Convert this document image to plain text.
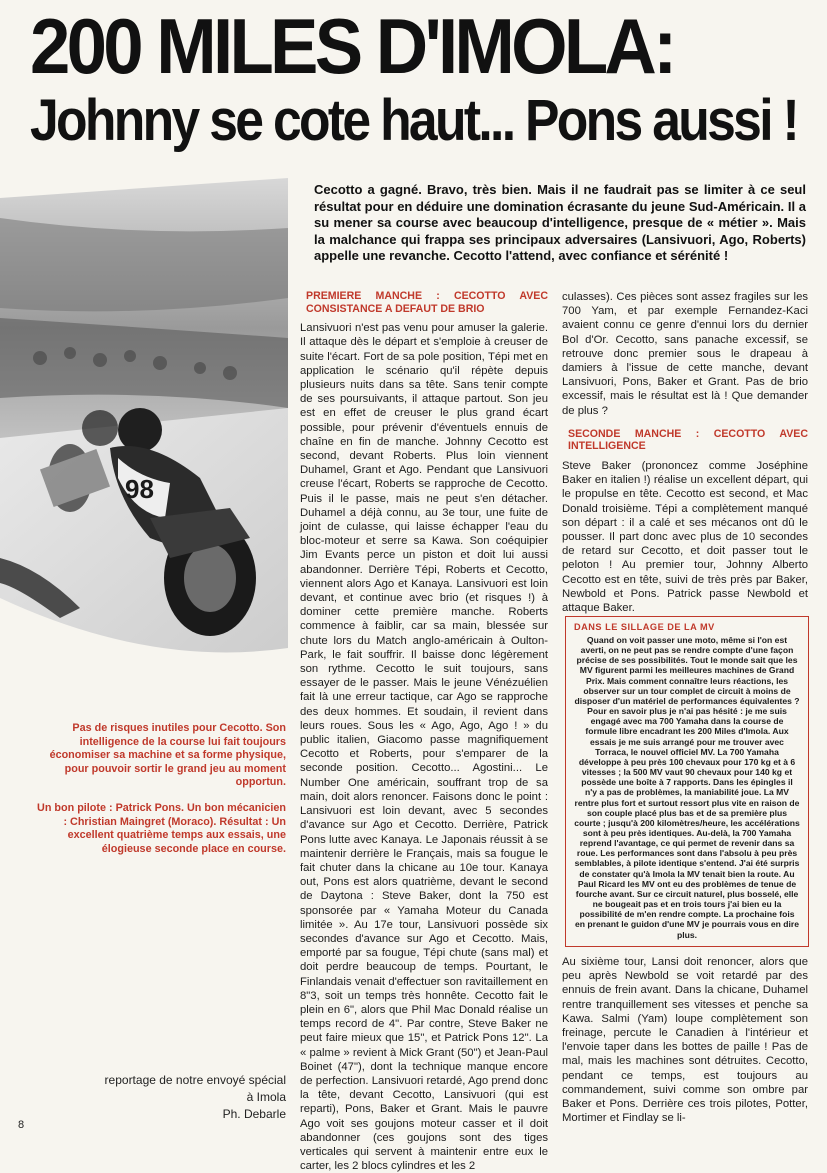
200 MILES D'IMOLA:
Johnny se cote haut... Pons aussi !
98

Pas de risques inutiles pour Cecotto. Son intelligence de la course lui fait toujours économiser sa machine et sa forme physique, pour pouvoir sortir le grand jeu au moment opportun.

Un bon pilote : Patrick Pons. Un bon mécanicien : Christian Maingret (Moraco). Résultat : Un excellent quatrième temps aux essais, une élogieuse seconde place en course.

reportage de notre envoyé spécial
à Imola
Ph. Debarle
8
Cecotto a gagné. Bravo, très bien. Mais il ne faudrait pas se limiter à ce seul résultat pour en déduire une domination écrasante du jeune Sud-Américain. Il a su mener sa course avec beaucoup d'intelligence, presque de « métier ». Mais la malchance qui frappa ses principaux adversaires (Lansivuori, Ago, Roberts) appelle une revanche. Cecotto l'attend, avec confiance et sérénité !
PREMIERE MANCHE : CECOTTO AVEC CONSISTANCE A DEFAUT DE BRIO

Lansivuori n'est pas venu pour amuser la galerie. Il attaque dès le départ et s'emploie à creuser de suite l'écart. Fort de sa pole position, Tépi met en application le scénario qu'il répète depuis plusieurs nuits dans sa tête. Sans tenir compte de ses poursuivants, il attaque partout. Son jeu est en effet de creuser le plus grand écart possible, pour prévenir d'éventuels ennuis de chaîne en fin de manche. Johnny Cecotto est second, devant Roberts. Plus loin viennent Duhamel, Grant et Ago. Pendant que Lansivuori creuse l'écart, Roberts se rapproche de Cecotto. Puis il le passe, mais ne peut s'en détacher. Duhamel a déjà connu, au 3e tour, une fuite de joint de culasse, qui laisse échapper l'eau du bloc-moteur et serre sa Kawa. Son coéquipier Jim Evants perce un piston et doit lui aussi abandonner. Derrière Tépi, Roberts et Cecotto, viennent alors Ago et Kanaya. Lansivuori est loin devant, et continue avec brio (et risques !) à dominer cette première manche. Roberts commence à faiblir, car sa main, blessée sur chute lors du Match anglo-américain à Oulton-Park, le fait souffrir. Il baisse donc légèrement son rythme. Cecotto le suit toujours, sans essayer de le passer. Mais le jeune Vénézuélien fait là une erreur tactique, car Ago se rapproche des deux hommes. Et soudain, il revient dans leurs roues. Sous les « Ago, Ago, Ago ! » du public italien, Giacomo passe magnifiquement Cecotto et Roberts, pour s'emparer de la seconde position. Cecotto... Agostini... Le Number One américain, souffrant trop de sa main, doit alors renoncer. Faisons donc le point : Lansivuori est loin devant, avec 5 secondes d'avance sur Ago et Cecotto. Derrière, Patrick Pons lutte avec Kanaya. Le Japonais réussit à se maintenir derrière le Français, mais sa fougue le fait chuter dans la chicane au 10e tour. Kanaya out, Pons est alors quatrième, devant le second de Daytona : Steve Baker, dont la 750 est sponsorée par « Yamaha Moteur du Canada limitée ». Au 17e tour, Lansivuori possède six secondes d'avance sur Ago et Cecotto. Mais, emporté par sa fougue, Tépi chute (sans mal) et doit perdre beaucoup de temps. Pourtant, le Finlandais venait d'effectuer son ravitaillement en 8"3, soit un temps très honnête. Cecotto fait le plein en 6", alors que Phil Mac Donald réalise un temps record de 4". Par contre, Steve Baker ne peut faire mieux que 15", et Patrick Pons 12". La « palme » revient à Mick Grant (50") et Jean-Paul Boinet (47"), dont la technique manque encore de perfection. Lansivuori retardé, Ago prend donc la tête, devant Cecotto, Lansivuori (qui est reparti), Pons, Baker et Grant. Mais le pauvre Ago voit ses goujons moteur casser et il doit abandonner (ces goujons sont des tiges verticales qui servent à maintenir entre eux le carter, les 2 blocs cylindres et les 2

culasses). Ces pièces sont assez fragiles sur les 700 Yam, et par exemple Fernandez-Kaci avaient connu ce genre d'ennui lors du dernier Bol d'Or. Cecotto, sans panache excessif, se retrouve donc premier sous le drapeau à damiers à l'issue de cette manche, devant Lansivuori, Pons, Baker et Grant. Pas de brio excessif, mais le résultat est là ! Que demander de plus ?

SECONDE MANCHE : CECOTTO AVEC INTELLIGENCE

Steve Baker (prononcez comme Joséphine Baker en italien !) réalise un excellent départ, qui le propulse en tête. Cecotto est second, et Mac Donald troisième. Tépi a complètement manqué son départ : il a calé et ses mécanos ont dû le pousser. Il part donc avec plus de 10 secondes de retard sur Cecotto, et doit passer tout le peloton ! Au premier tour, Johnny Alberto Cecotto est en tête, suivi de très près par Baker, Newbold et Pons. Patrick passe Newbold et attaque Baker.

DANS LE SILLAGE DE LA MV
Quand on voit passer une moto, même si l'on est averti, on ne peut pas se rendre compte d'une façon précise de ses possibilités. Tout le monde sait que les MV figurent parmi les meilleures machines de Grand Prix. Mais comment connaître leurs réactions, les observer sur un tour complet de circuit à moins de disposer d'un matériel de performances équivalentes ? Pour en savoir plus je n'ai pas hésité : je me suis engagé avec ma 700 Yamaha dans la course de formule libre encadrant les 200 Miles d'Imola. Aux essais je me suis arrangé pour me trouver avec Torraca, le nouvel officiel MV. La 700 Yamaha développe à peu près 100 chevaux pour 170 kg et à 6 vitesses ; la 500 MV vaut 90 chevaux pour 140 kg et possède une boîte à 7 rapports. Dans les épingles il n'y a pas de problèmes, la maniabilité joue. La MV rentre plus fort et surtout ressort plus vite en raison de son couple placé plus bas et de sa première plus courte ; jusqu'à 200 kilomètres/heure, les accélérations sont à peu près identiques. Au-delà, la 700 Yamaha reprend l'avantage, ce qui permet de revenir dans sa roue. Les performances sont dans l'absolu à peu près semblables, à pilote identique s'entend. J'ai été surpris de constater qu'à Imola la MV tenait bien la route. Au Paul Ricard les MV ont eu des problèmes de tenue de fourche avant. Sur ce circuit naturel, plus bosselé, elle ne bougeait pas et en trois tours j'ai bien eu la possibilité de m'en rendre compte. La prochaine fois en prenant le guidon d'une MV je pourrais vous en dire plus.

Au sixième tour, Lansi doit renoncer, alors que peu après Newbold se voit retardé par des ennuis de frein avant. Dans la chicane, Duhamel rentre tranquillement ses vitesses et penche sa Kawa. Salmi (Yam) loupe complètement son freinage, percute le Canadien à l'intérieur et l'envoie taper dans les bottes de paille ! Pas de mal, mais les machines sont détruites. Cecotto, pendant ce temps, est toujours au commandement, suivi comme son ombre par Baker et Pons. Derrière ces trois pilotes, Potter, Mortimer et Findlay se li-
